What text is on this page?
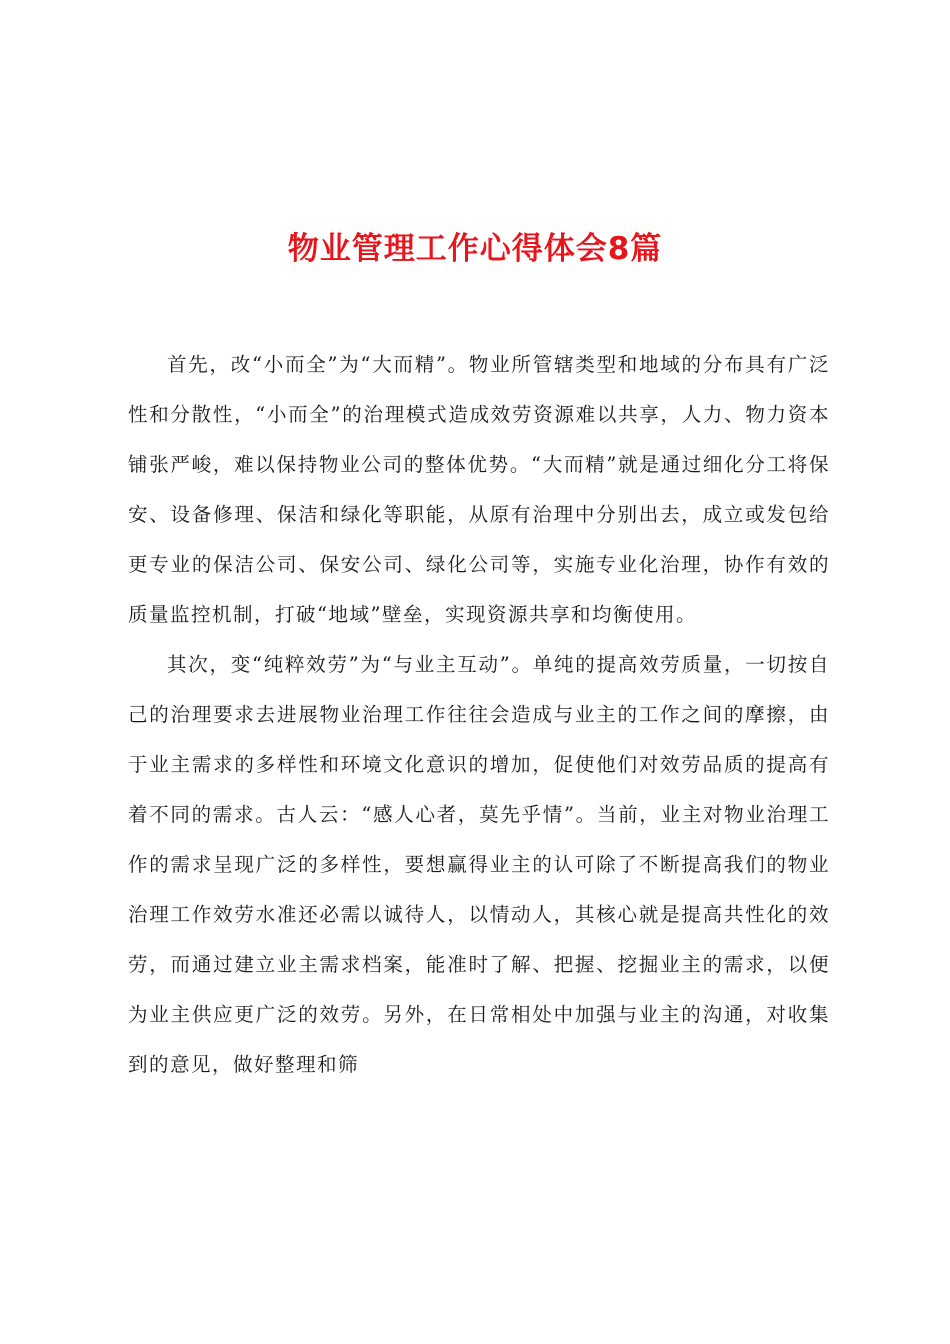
物业管理工作心得体会8篇

首先，改“小而全”为“大而精”。物业所管辖类型和地域的分布具有广泛性和分散性，“小而全”的治理模式造成效劳资源难以共享，人力、物力资本铺张严峻，难以保持物业公司的整体优势。“大而精”就是通过细化分工将保安、设备修理、保洁和绿化等职能，从原有治理中分别出去，成立或发包给更专业的保洁公司、保安公司、绿化公司等，实施专业化治理，协作有效的质量监控机制，打破“地域”壁垒，实现资源共享和均衡使用。

其次，变“纯粹效劳”为“与业主互动”。单纯的提高效劳质量，一切按自己的治理要求去进展物业治理工作往往会造成与业主的工作之间的摩擦，由于业主需求的多样性和环境文化意识的增加，促使他们对效劳品质的提高有着不同的需求。古人云：“感人心者，莫先乎情”。当前，业主对物业治理工作的需求呈现广泛的多样性，要想赢得业主的认可除了不断提高我们的物业治理工作效劳水准还必需以诚待人，以情动人，其核心就是提高共性化的效劳，而通过建立业主需求档案，能准时了解、把握、挖掘业主的需求，以便为业主供应更广泛的效劳。另外，在日常相处中加强与业主的沟通，对收集到的意见，做好整理和筛
